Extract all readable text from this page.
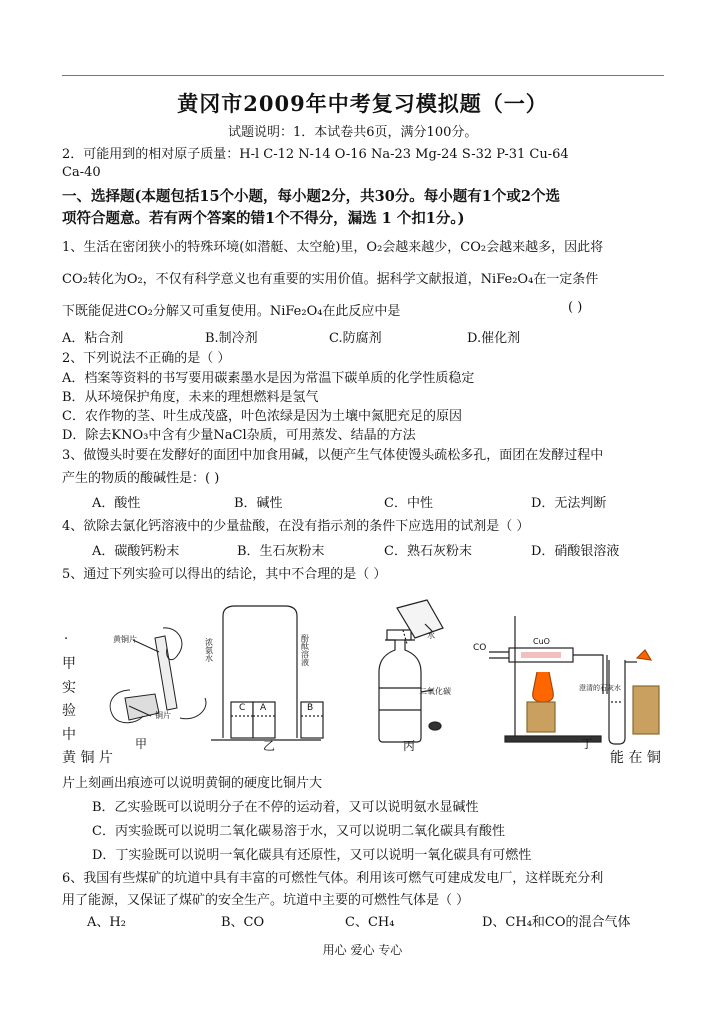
黄冈市2009年中考复习模拟题（一）
试题说明：1．本试卷共6页，满分100分。
2．可能用到的相对原子质量：H-l C-12 N-14 O-16 Na-23 Mg-24 S-32 P-31 Cu-64
Ca-40
一、选择题(本题包括15个小题，每小题2分，共30分。每小题有1个或2个选
项符合题意。若有两个答案的错1个不得分，漏选 1 个扣1分。)
1、生活在密闭狭小的特殊环境(如潜艇、太空舱)里，O₂会越来越少，CO₂会越来越多，因此将
CO₂转化为O₂，不仅有科学意义也有重要的实用价值。据科学文献报道，NiFe₂O₄在一定条件
下既能促进CO₂分解又可重复使用。NiFe₂O₄在此反应中是	( )
A．粘合剂	B.制冷剂	C.防腐剂	D.催化剂
2、下列说法不正确的是（ ）
A．档案等资料的书写要用碳素墨水是因为常温下碳单质的化学性质稳定
B．从环境保护角度，未来的理想燃料是氢气
C．农作物的茎、叶生成茂盛，叶色浓绿是因为土壤中氮肥充足的原因
D．除去KNO₃中含有少量NaCl杂质，可用蒸发、结晶的方法
3、做馒头时要在发酵好的面团中加食用碱，以便产生气体使馒头疏松多孔，面团在发酵过程中
产生的物质的酸碱性是：( )
A．酸性	B．碱性	C．中性	D．无法判断
4、欲除去氯化钙溶液中的少量盐酸，在没有指示剂的条件下应选用的试剂是（ ）
A．碳酸钙粉末	B．生石灰粉末	C．熟石灰粉末	D．硝酸银溶液
5、通过下列实验可以得出的结论，其中不合理的是（ ）
.
甲
实
验
中
黄 铜 片	能 在 铜
黄铜片
铜片
甲
C A	B
浓氨水	酚酞溶液
乙
水
二氧化碳
丙
CO
CuO
澄清的石灰水
丁
片上刻画出痕迹可以说明黄铜的硬度比铜片大
B．乙实验既可以说明分子在不停的运动着，又可以说明氨水显碱性
C．丙实验既可以说明二氧化碳易溶于水，又可以说明二氧化碳具有酸性
D．丁实验既可以说明一氧化碳具有还原性，又可以说明一氧化碳具有可燃性
6、我国有些煤矿的坑道中具有丰富的可燃性气体。利用该可燃气可建成发电厂，这样既充分利
用了能源，又保证了煤矿的安全生产。坑道中主要的可燃性气体是（ ）
A、H₂	B、CO	C、CH₄	D、CH₄和CO的混合气体
用心 爱心 专心
